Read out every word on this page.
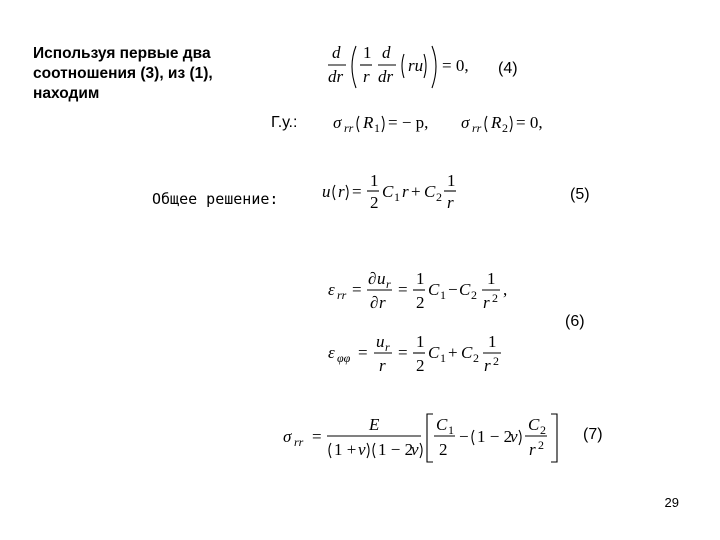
Используя первые два соотношения (3), из (1), находим
d
dr
1
r
d
dr
ru = 0, (4)
Г.у.: σ rr R 1 = − p, σ rr R 2 = 0,
Общее решение:	u r =
1
2
C 1 r + C 2
1
r	(5)
ε rr =
∂ u r
∂ r
=
1
2
C 1 − C 2
1
r 2 ,
ε φφ =
u r
r
=
1
2
C 1 + C 2
1
r 2
(6)
σ rr =
E
1 + ν 1 − 2
ν
C 1
2
− 1 − 2
ν
C 2
r 2
(7)
29
